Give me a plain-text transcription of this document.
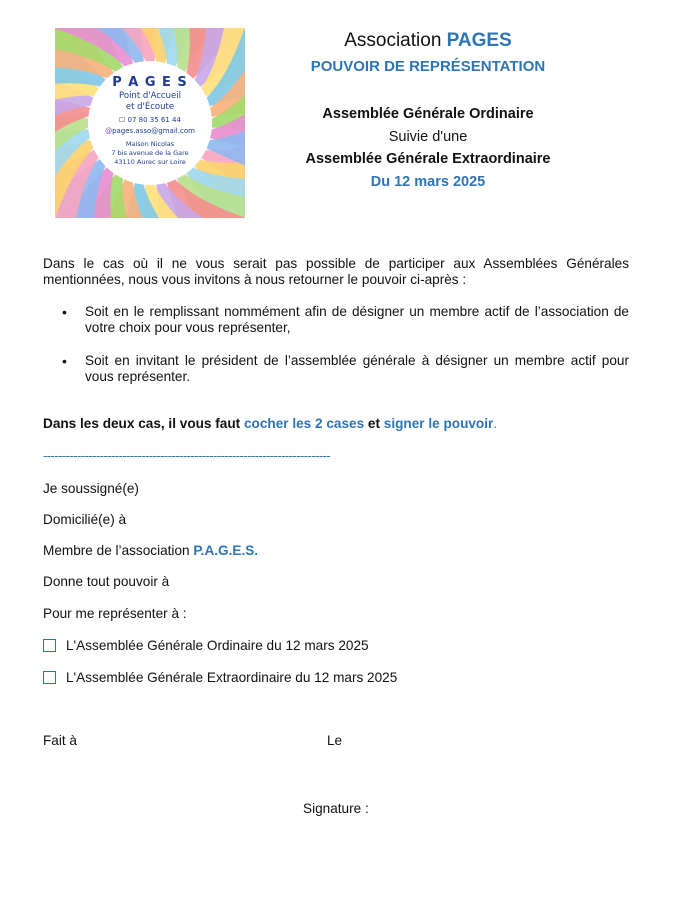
P A G E S
Point d'Accueil
et d'Écoute
☐ 07 80 35 61 44
@pages.asso@gmail.com
Maison Nicolas
7 bis avenue de la Gare
43110 Aurec sur Loire
Association PAGES
POUVOIR DE REPRÉSENTATION
Assemblée Générale Ordinaire
Suivie d'une
Assemblée Générale Extraordinaire
Du 12 mars 2025
Dans le cas où il ne vous serait pas possible de participer aux Assemblées Générales mentionnées, nous vous invitons à nous retourner le pouvoir ci-après :
• Soit en le remplissant nommément afin de désigner un membre actif de l’association de votre choix pour vous représenter,
• Soit en invitant le président de l’assemblée générale à désigner un membre actif pour vous représenter.
Dans les deux cas, il vous faut cocher les 2 cases et signer le pouvoir.
----------------------------------------------------------------------------
Je soussigné(e)
Domicilié(e) à
Membre de l’association P.A.G.E.S.
Donne tout pouvoir à
Pour me représenter à :
L'Assemblée Générale Ordinaire du 12 mars 2025
L'Assemblée Générale Extraordinaire du 12 mars 2025
Fait à	Le
Signature :
